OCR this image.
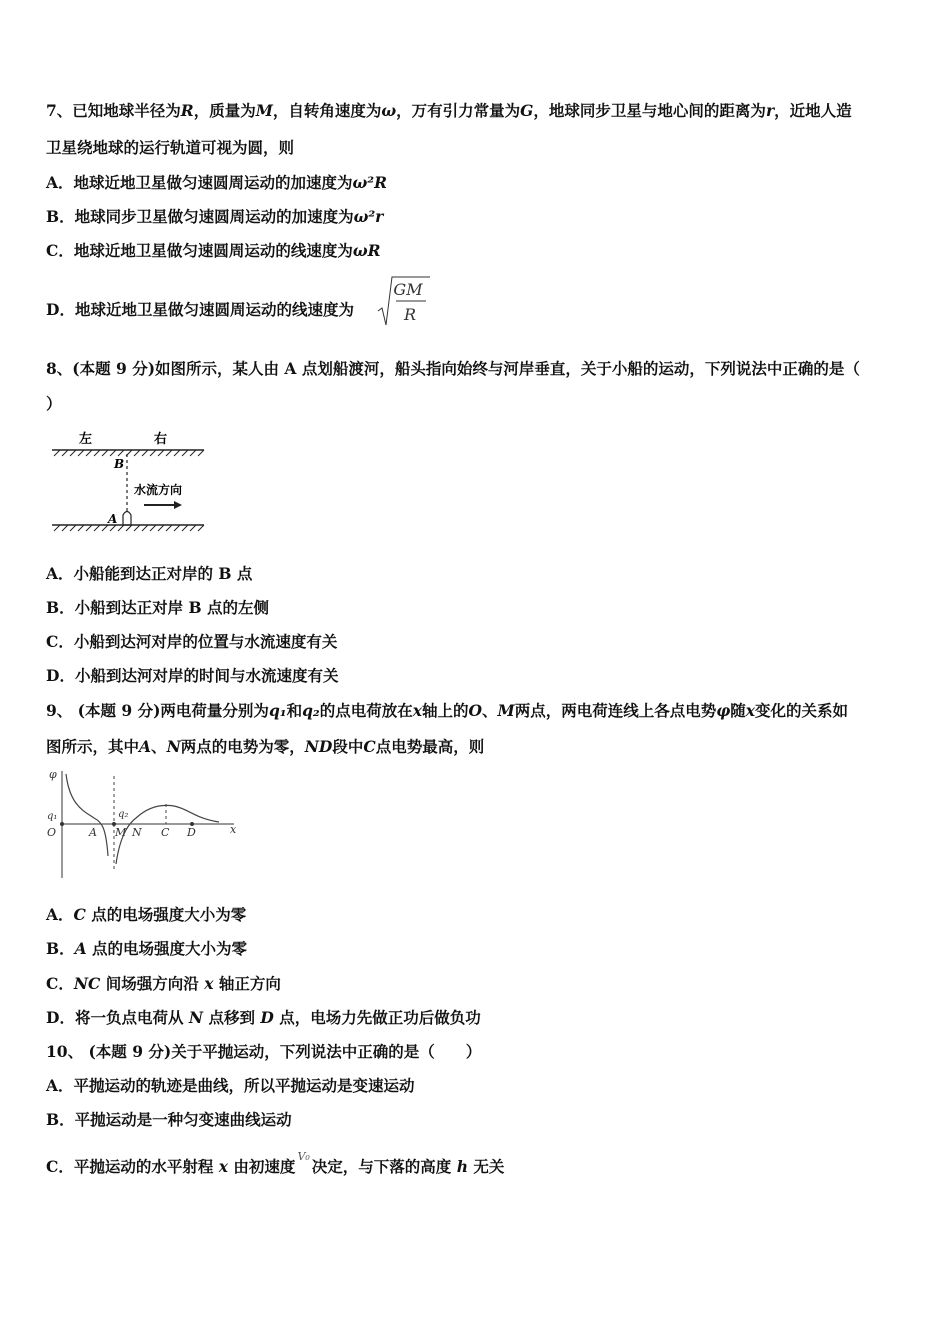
7、已知地球半径为R，质量为M，自转角速度为ω，万有引力常量为G，地球同步卫星与地心间的距离为r，近地人造
卫星绕地球的运行轨道可视为圆，则
A．地球近地卫星做匀速圆周运动的加速度为ω²R
B．地球同步卫星做匀速圆周运动的加速度为ω²r
C．地球近地卫星做匀速圆周运动的线速度为ωR
D．地球近地卫星做匀速圆周运动的线速度为
GM
R
8、(本题 9 分)如图所示，某人由 A 点划船渡河，船头指向始终与河岸垂直，关于小船的运动，下列说法中正确的是（
）
左	右
B
水流方向
A
A．小船能到达正对岸的 B 点
B．小船到达正对岸 B 点的左侧
C．小船到达河对岸的位置与水流速度有关
D．小船到达河对岸的时间与水流速度有关
9、 (本题 9 分)两电荷量分别为q₁和q₂的点电荷放在x轴上的O、M两点，两电荷连线上各点电势φ随x变化的关系如
图所示，其中A、N两点的电势为零，ND段中C点电势最高，则
φ
x
q₁
O
q₂
A M N C D
A．C 点的电场强度大小为零
B．A 点的电场强度大小为零
C．NC 间场强方向沿 x 轴正方向
D．将一负点电荷从 N 点移到 D 点，电场力先做正功后做负功
10、 (本题 9 分)关于平抛运动，下列说法中正确的是（　　）
A．平抛运动的轨迹是曲线，所以平抛运动是变速运动
B．平抛运动是一种匀变速曲线运动
C．平抛运动的水平射程 x 由初速度$^{V_0}$决定，与下落的高度 h 无关
